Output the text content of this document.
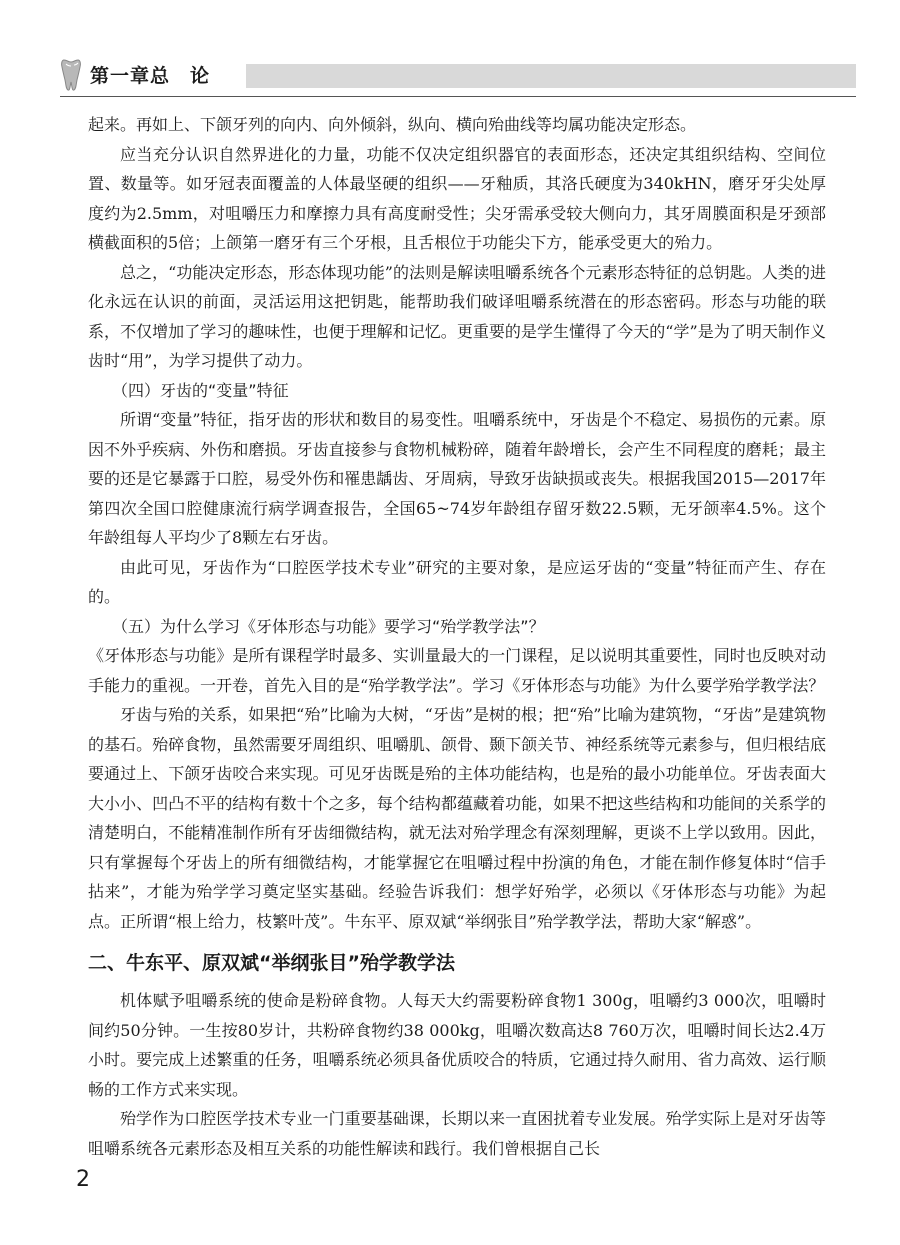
第一章总　论

起来。再如上、下颌牙列的向内、向外倾斜，纵向、横向殆曲线等均属功能决定形态。

应当充分认识自然界进化的力量，功能不仅决定组织器官的表面形态，还决定其组织结构、空间位置、数量等。如牙冠表面覆盖的人体最坚硬的组织——牙釉质，其洛氏硬度为340kHN，磨牙牙尖处厚度约为2.5mm，对咀嚼压力和摩擦力具有高度耐受性；尖牙需承受较大侧向力，其牙周膜面积是牙颈部横截面积的5倍；上颌第一磨牙有三个牙根，且舌根位于功能尖下方，能承受更大的殆力。

总之，“功能决定形态，形态体现功能”的法则是解读咀嚼系统各个元素形态特征的总钥匙。人类的进化永远在认识的前面，灵活运用这把钥匙，能帮助我们破译咀嚼系统潜在的形态密码。形态与功能的联系，不仅增加了学习的趣味性，也便于理解和记忆。更重要的是学生懂得了今天的“学”是为了明天制作义齿时“用”，为学习提供了动力。

（四）牙齿的“变量”特征

所谓“变量”特征，指牙齿的形状和数目的易变性。咀嚼系统中，牙齿是个不稳定、易损伤的元素。原因不外乎疾病、外伤和磨损。牙齿直接参与食物机械粉碎，随着年龄增长，会产生不同程度的磨耗；最主要的还是它暴露于口腔，易受外伤和罹患龋齿、牙周病，导致牙齿缺损或丧失。根据我国2015—2017年第四次全国口腔健康流行病学调查报告，全国65~74岁年龄组存留牙数22.5颗，无牙颌率4.5%。这个年龄组每人平均少了8颗左右牙齿。

由此可见，牙齿作为“口腔医学技术专业”研究的主要对象，是应运牙齿的“变量”特征而产生、存在的。

（五）为什么学习《牙体形态与功能》要学习“殆学教学法”？

《牙体形态与功能》是所有课程学时最多、实训量最大的一门课程，足以说明其重要性，同时也反映对动手能力的重视。一开卷，首先入目的是“殆学教学法”。学习《牙体形态与功能》为什么要学殆学教学法？

牙齿与殆的关系，如果把“殆”比喻为大树，“牙齿”是树的根；把“殆”比喻为建筑物，“牙齿”是建筑物的基石。殆碎食物，虽然需要牙周组织、咀嚼肌、颌骨、颞下颌关节、神经系统等元素参与，但归根结底要通过上、下颌牙齿咬合来实现。可见牙齿既是殆的主体功能结构，也是殆的最小功能单位。牙齿表面大大小小、凹凸不平的结构有数十个之多，每个结构都蕴藏着功能，如果不把这些结构和功能间的关系学的清楚明白，不能精准制作所有牙齿细微结构，就无法对殆学理念有深刻理解，更谈不上学以致用。因此，只有掌握每个牙齿上的所有细微结构，才能掌握它在咀嚼过程中扮演的角色，才能在制作修复体时“信手拈来”，才能为殆学学习奠定坚实基础。经验告诉我们：想学好殆学，必须以《牙体形态与功能》为起点。正所谓“根上给力，枝繁叶茂”。牛东平、原双斌“举纲张目”殆学教学法，帮助大家“解惑”。

二、牛东平、原双斌“举纲张目”殆学教学法

机体赋予咀嚼系统的使命是粉碎食物。人每天大约需要粉碎食物1 300g，咀嚼约3 000次，咀嚼时间约50分钟。一生按80岁计，共粉碎食物约38 000kg，咀嚼次数高达8 760万次，咀嚼时间长达2.4万小时。要完成上述繁重的任务，咀嚼系统必须具备优质咬合的特质，它通过持久耐用、省力高效、运行顺畅的工作方式来实现。

殆学作为口腔医学技术专业一门重要基础课，长期以来一直困扰着专业发展。殆学实际上是对牙齿等咀嚼系统各元素形态及相互关系的功能性解读和践行。我们曾根据自己长

2
